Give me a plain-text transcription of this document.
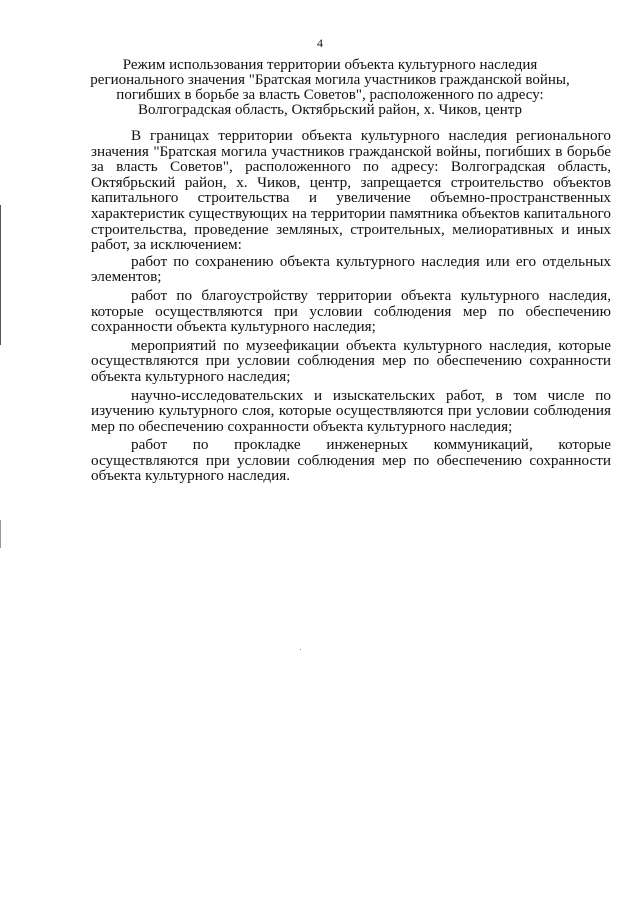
4
Режим использования территории объекта культурного наследия
регионального значения "Братская могила участников гражданской войны,
погибших в борьбе за власть Советов", расположенного по адресу:
Волгоградская область, Октябрьский район, х. Чиков, центр

В границах территории объекта культурного наследия регионального значения "Братская могила участников гражданской войны, погибших в борьбе за власть Советов", расположенного по адресу: Волгоградская область, Октябрьский район, х. Чиков, центр, запрещается строительство объектов капитального строительства и увеличение объемно-пространственных характеристик существующих на территории памятника объектов капитального строительства, проведение земляных, строительных, мелиоративных и иных работ, за исключением:

работ по сохранению объекта культурного наследия или его отдельных элементов;

работ по благоустройству территории объекта культурного наследия, которые осуществляются при условии соблюдения мер по обеспечению сохранности объекта культурного наследия;

мероприятий по музеефикации объекта культурного наследия, которые осуществляются при условии соблюдения мер по обеспечению сохранности объекта культурного наследия;

научно-исследовательских и изыскательских работ, в том числе по изучению культурного слоя, которые осуществляются при условии соблюдения мер по обеспечению сохранности объекта культурного наследия;

работ по прокладке инженерных коммуникаций, которые осуществляются при условии соблюдения мер по обеспечению сохранности объекта культурного наследия.
